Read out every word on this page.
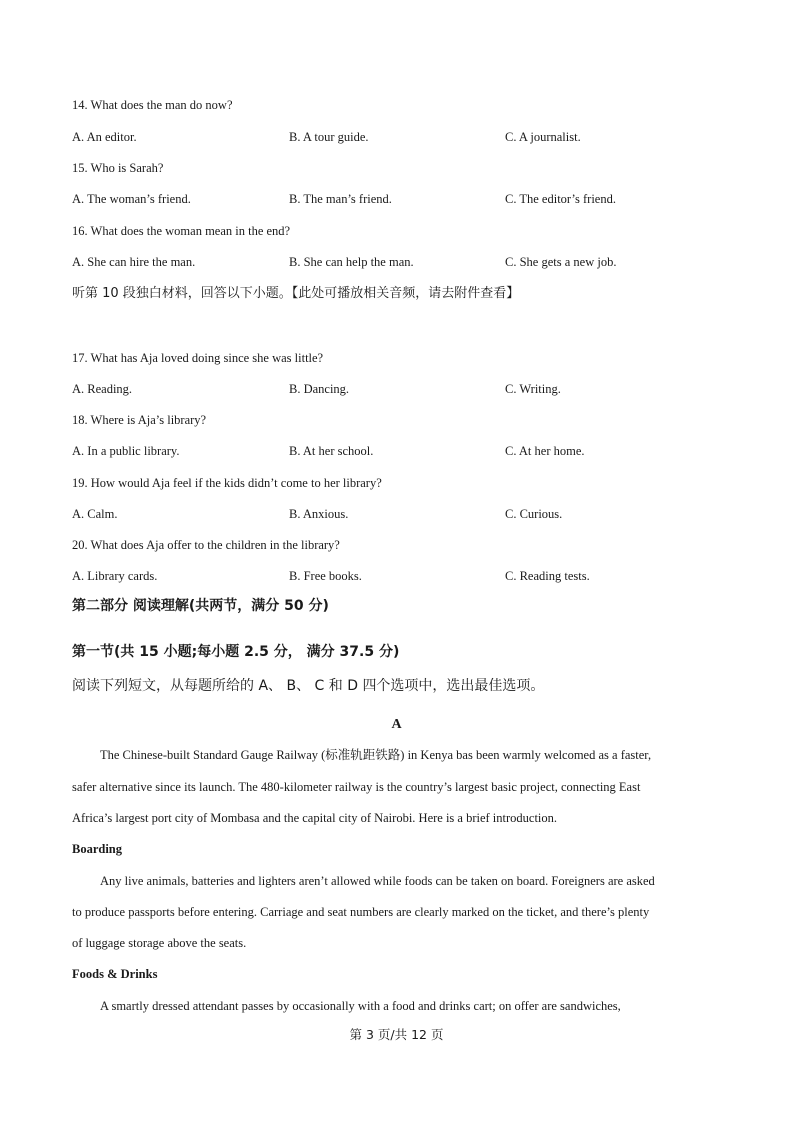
14. What does the man do now?
A. An editor.	B. A tour guide.	C. A journalist.
15. Who is Sarah?
A. The woman’s friend.	B. The man’s friend.	C. The editor’s friend.
16. What does the woman mean in the end?
A. She can hire the man.	B. She can help the man.	C. She gets a new job.
听第 10 段独白材料，回答以下小题。【此处可播放相关音频，请去附件查看】
17. What has Aja loved doing since she was little?
A. Reading.	B. Dancing.	C. Writing.
18. Where is Aja’s library?
A. In a public library.	B. At her school.	C. At her home.
19. How would Aja feel if the kids didn’t come to her library?
A. Calm.	B. Anxious.	C. Curious.
20. What does Aja offer to the children in the library?
A. Library cards.	B. Free books.	C. Reading tests.
第二部分 阅读理解(共两节，满分 50 分)
第一节(共 15 小题;每小题 2.5 分， 满分 37.5 分)
阅读下列短文，从每题所给的 A、 B、 C 和 D 四个选项中，选出最佳选项。
A
The Chinese-built Standard Gauge Railway (标准轨距铁路) in Kenya bas been warmly welcomed as a faster,
safer alternative since its launch. The 480-kilometer railway is the country’s largest basic project, connecting East
Africa’s largest port city of Mombasa and the capital city of Nairobi. Here is a brief introduction.
Boarding
Any live animals, batteries and lighters aren’t allowed while foods can be taken on board. Foreigners are asked
to produce passports before entering. Carriage and seat numbers are clearly marked on the ticket, and there’s plenty
of luggage storage above the seats.
Foods & Drinks
A smartly dressed attendant passes by occasionally with a food and drinks cart; on offer are sandwiches,
第 3 页/共 12 页
